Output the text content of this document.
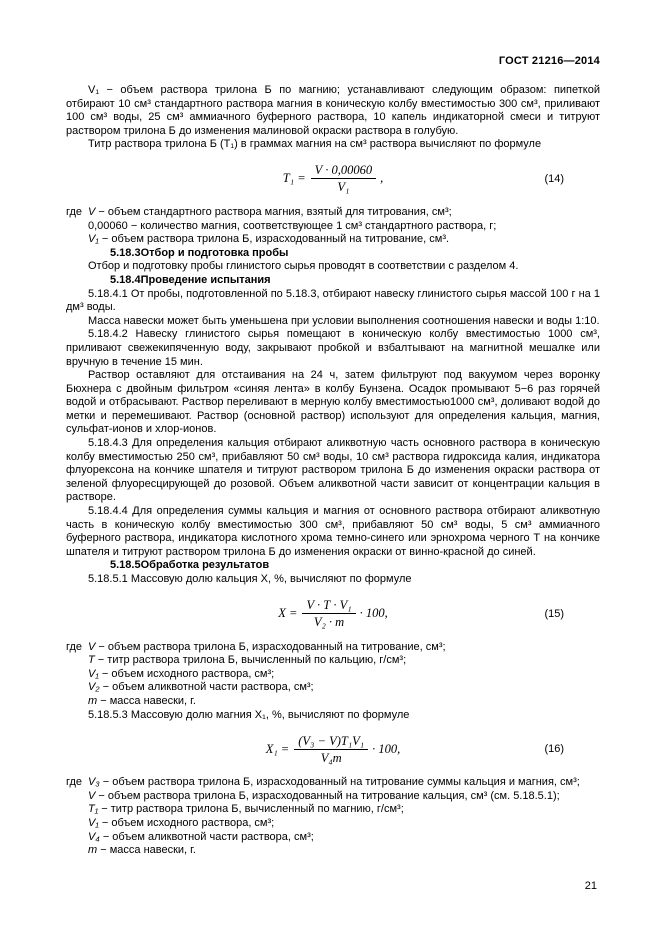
ГОСТ 21216—2014

V₁ − объем раствора трилона Б по магнию; устанавливают следующим образом: пипеткой отбирают 10 см³ стандартного раствора магния в коническую колбу вместимостью 300 см³, приливают 100 см³ воды, 25 см³ аммиачного буферного раствора, 10 капель индикаторной смеси и титруют раствором трилона Б до изменения малиновой окраски раствора в голубую.

Титр раствора трилона Б (Т₁) в граммах магния на см³ раствора вычисляют по формуле

$Т_1 = \frac{V \cdot 0,00060}{\text{V₁}}$ ,	(14)
где V − объем стандартного раствора магния, взятый для титрования, см³;
0,00060 − количество магния, соответствующее 1 см³ стандартного раствора, г;
V₁ − объем раствора трилона Б, израсходованный на титрование, см³.

5.18.3Отбор и подготовка пробы

Отбор и подготовку пробы глинистого сырья проводят в соответствии с разделом 4.

5.18.4Проведение испытания

5.18.4.1 От пробы, подготовленной по 5.18.3, отбирают навеску глинистого сырья массой 100 г на 1 дм³ воды.

Масса навески может быть уменьшена при условии выполнения соотношения навески и воды 1:10.

5.18.4.2 Навеску глинистого сырья помещают в коническую колбу вместимостью 1000 см³, приливают свежекипяченную воду, закрывают пробкой и взбалтывают на магнитной мешалке или вручную в течение 15 мин.

Раствор оставляют для отстаивания на 24 ч, затем фильтруют под вакуумом через воронку Бюхнера с двойным фильтром «синяя лента» в колбу Бунзена. Осадок промывают 5−6 раз горячей водой и отбрасывают. Раствор переливают в мерную колбу вместимостью1000 см³, доливают водой до метки и перемешивают. Раствор (основной раствор) используют для определения кальция, магния, сульфат-ионов и хлор-ионов.

5.18.4.3 Для определения кальция отбирают аликвотную часть основного раствора в коническую колбу вместимостью 250 см³, прибавляют 50 см³ воды, 10 см³ раствора гидроксида калия, индикатора флуорексона на кончике шпателя и титруют раствором трилона Б до изменения окраски раствора от зеленой флуоресцирующей до розовой. Объем аликвотной части зависит от концентрации кальция в растворе.

5.18.4.4 Для определения суммы кальция и магния от основного раствора отбирают аликвотную часть в коническую колбу вместимостью 300 см³, прибавляют 50 см³ воды, 5 см³ аммиачного буферного раствора, индикатора кислотного хрома темно-синего или эрнохрома черного Т на кончике шпателя и титруют раствором трилона Б до изменения окраски от винно-красной до синей.

5.18.5Обработка результатов

5.18.5.1 Массовую долю кальция X, %, вычисляют по формуле

$X = \frac{\text{V · Т · V₁}}{\text{V₂ · m}} \cdot 100$,	(15)
где V − объем раствора трилона Б, израсходованный на титрование, см³;
Т − титр раствора трилона Б, вычисленный по кальцию, г/см³;
V₁ − объем исходного раствора, см³;
V₂ − объем аликвотной части раствора, см³;
m − масса навески, г.

5.18.5.3 Массовую долю магния X₁, %, вычисляют по формуле

$X_1 = \frac{\text{(V₃ − V)Т₁V₁}}{\text{V₄m}} \cdot 100$,	(16)
где V₃ − объем раствора трилона Б, израсходованный на титрование суммы кальция и магния, см³;
V − объем раствора трилона Б, израсходованный на титрование кальция, см³ (см. 5.18.5.1);
Т₁ − титр раствора трилона Б, вычисленный по магнию, г/см³;
V₁ − объем исходного раствора, см³;
V₄ − объем аликвотной части раствора, см³;
m − масса навески, г.
21
